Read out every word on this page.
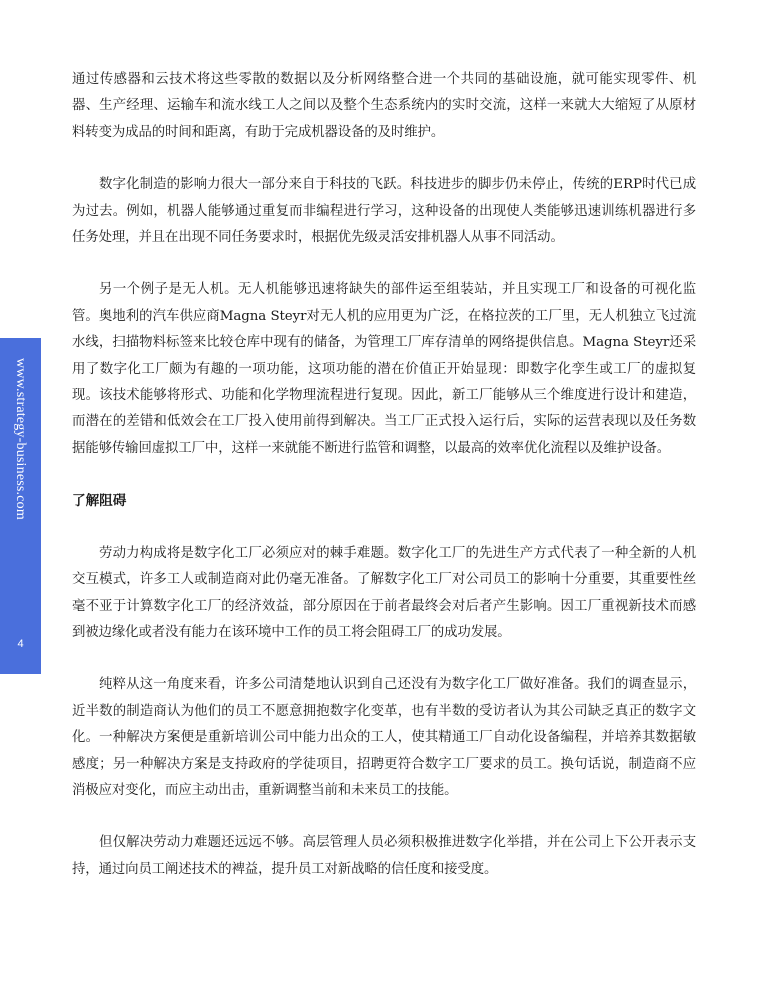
www.strategy-business.com
4

通过传感器和云技术将这些零散的数据以及分析网络整合进一个共同的基础设施，就可能实现零件、机器、生产经理、运输车和流水线工人之间以及整个生态系统内的实时交流，这样一来就大大缩短了从原材料转变为成品的时间和距离，有助于完成机器设备的及时维护。

数字化制造的影响力很大一部分来自于科技的飞跃。科技进步的脚步仍未停止，传统的ERP时代已成为过去。例如，机器人能够通过重复而非编程进行学习，这种设备的出现使人类能够迅速训练机器进行多任务处理，并且在出现不同任务要求时，根据优先级灵活安排机器人从事不同活动。

另一个例子是无人机。无人机能够迅速将缺失的部件运至组装站，并且实现工厂和设备的可视化监管。奥地利的汽车供应商Magna Steyr对无人机的应用更为广泛，在格拉茨的工厂里，无人机独立飞过流水线，扫描物料标签来比较仓库中现有的储备，为管理工厂库存清单的网络提供信息。Magna Steyr还采用了数字化工厂颇为有趣的一项功能，这项功能的潜在价值正开始显现：即数字化孪生或工厂的虚拟复现。该技术能够将形式、功能和化学物理流程进行复现。因此，新工厂能够从三个维度进行设计和建造，而潜在的差错和低效会在工厂投入使用前得到解决。当工厂正式投入运行后，实际的运营表现以及任务数据能够传输回虚拟工厂中，这样一来就能不断进行监管和调整，以最高的效率优化流程以及维护设备。

了解阻碍

劳动力构成将是数字化工厂必须应对的棘手难题。数字化工厂的先进生产方式代表了一种全新的人机交互模式，许多工人或制造商对此仍毫无准备。了解数字化工厂对公司员工的影响十分重要，其重要性丝毫不亚于计算数字化工厂的经济效益，部分原因在于前者最终会对后者产生影响。因工厂重视新技术而感到被边缘化或者没有能力在该环境中工作的员工将会阻碍工厂的成功发展。

纯粹从这一角度来看，许多公司清楚地认识到自己还没有为数字化工厂做好准备。我们的调查显示，近半数的制造商认为他们的员工不愿意拥抱数字化变革，也有半数的受访者认为其公司缺乏真正的数字文化。一种解决方案便是重新培训公司中能力出众的工人，使其精通工厂自动化设备编程，并培养其数据敏感度；另一种解决方案是支持政府的学徒项目，招聘更符合数字工厂要求的员工。换句话说，制造商不应消极应对变化，而应主动出击，重新调整当前和未来员工的技能。

但仅解决劳动力难题还远远不够。高层管理人员必须积极推进数字化举措，并在公司上下公开表示支持，通过向员工阐述技术的裨益，提升员工对新战略的信任度和接受度。
